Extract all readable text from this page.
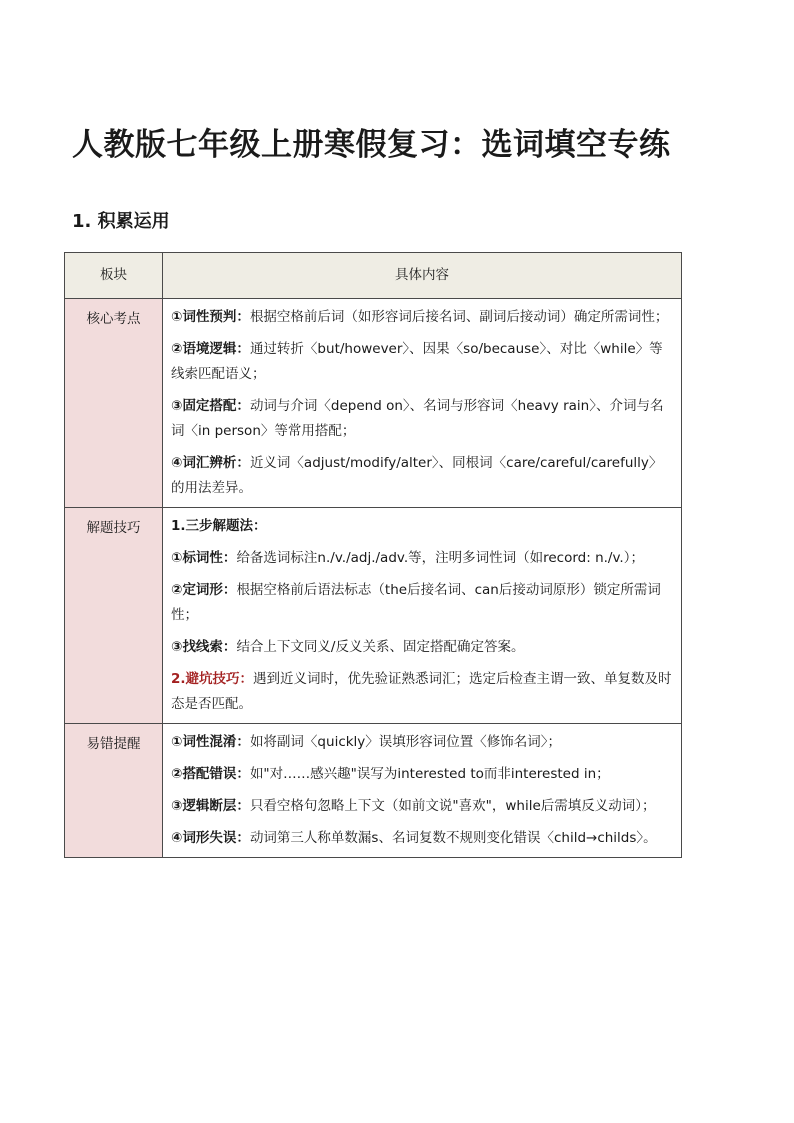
人教版七年级上册寒假复习：选词填空专练
1. 积累运用
板块	具体内容
核心考点	①词性预判：根据空格前后词（如形容词后接名词、副词后接动词）确定所需词性；
②语境逻辑：通过转折〈but/however〉、因果〈so/because〉、对比〈while〉等线索匹配语义；
③固定搭配：动词与介词〈depend on〉、名词与形容词〈heavy rain〉、介词与名词〈in person〉等常用搭配；
④词汇辨析：近义词〈adjust/modify/alter〉、同根词〈care/careful/carefully〉的用法差异。

解题技巧	1.三步解题法：
①标词性：给备选词标注n./v./adj./adv.等，注明多词性词（如record: n./v.）；
②定词形：根据空格前后语法标志（the后接名词、can后接动词原形）锁定所需词性；
③找线索：结合上下文同义/反义关系、固定搭配确定答案。
2.避坑技巧：遇到近义词时，优先验证熟悉词汇；选定后检查主谓一致、单复数及时态是否匹配。

易错提醒	①词性混淆：如将副词〈quickly〉误填形容词位置〈修饰名词〉；
②搭配错误：如"对……感兴趣"误写为interested to而非interested in；
③逻辑断层：只看空格句忽略上下文（如前文说"喜欢"，while后需填反义动词）；
④词形失误：动词第三人称单数漏s、名词复数不规则变化错误〈child→childs〉。
